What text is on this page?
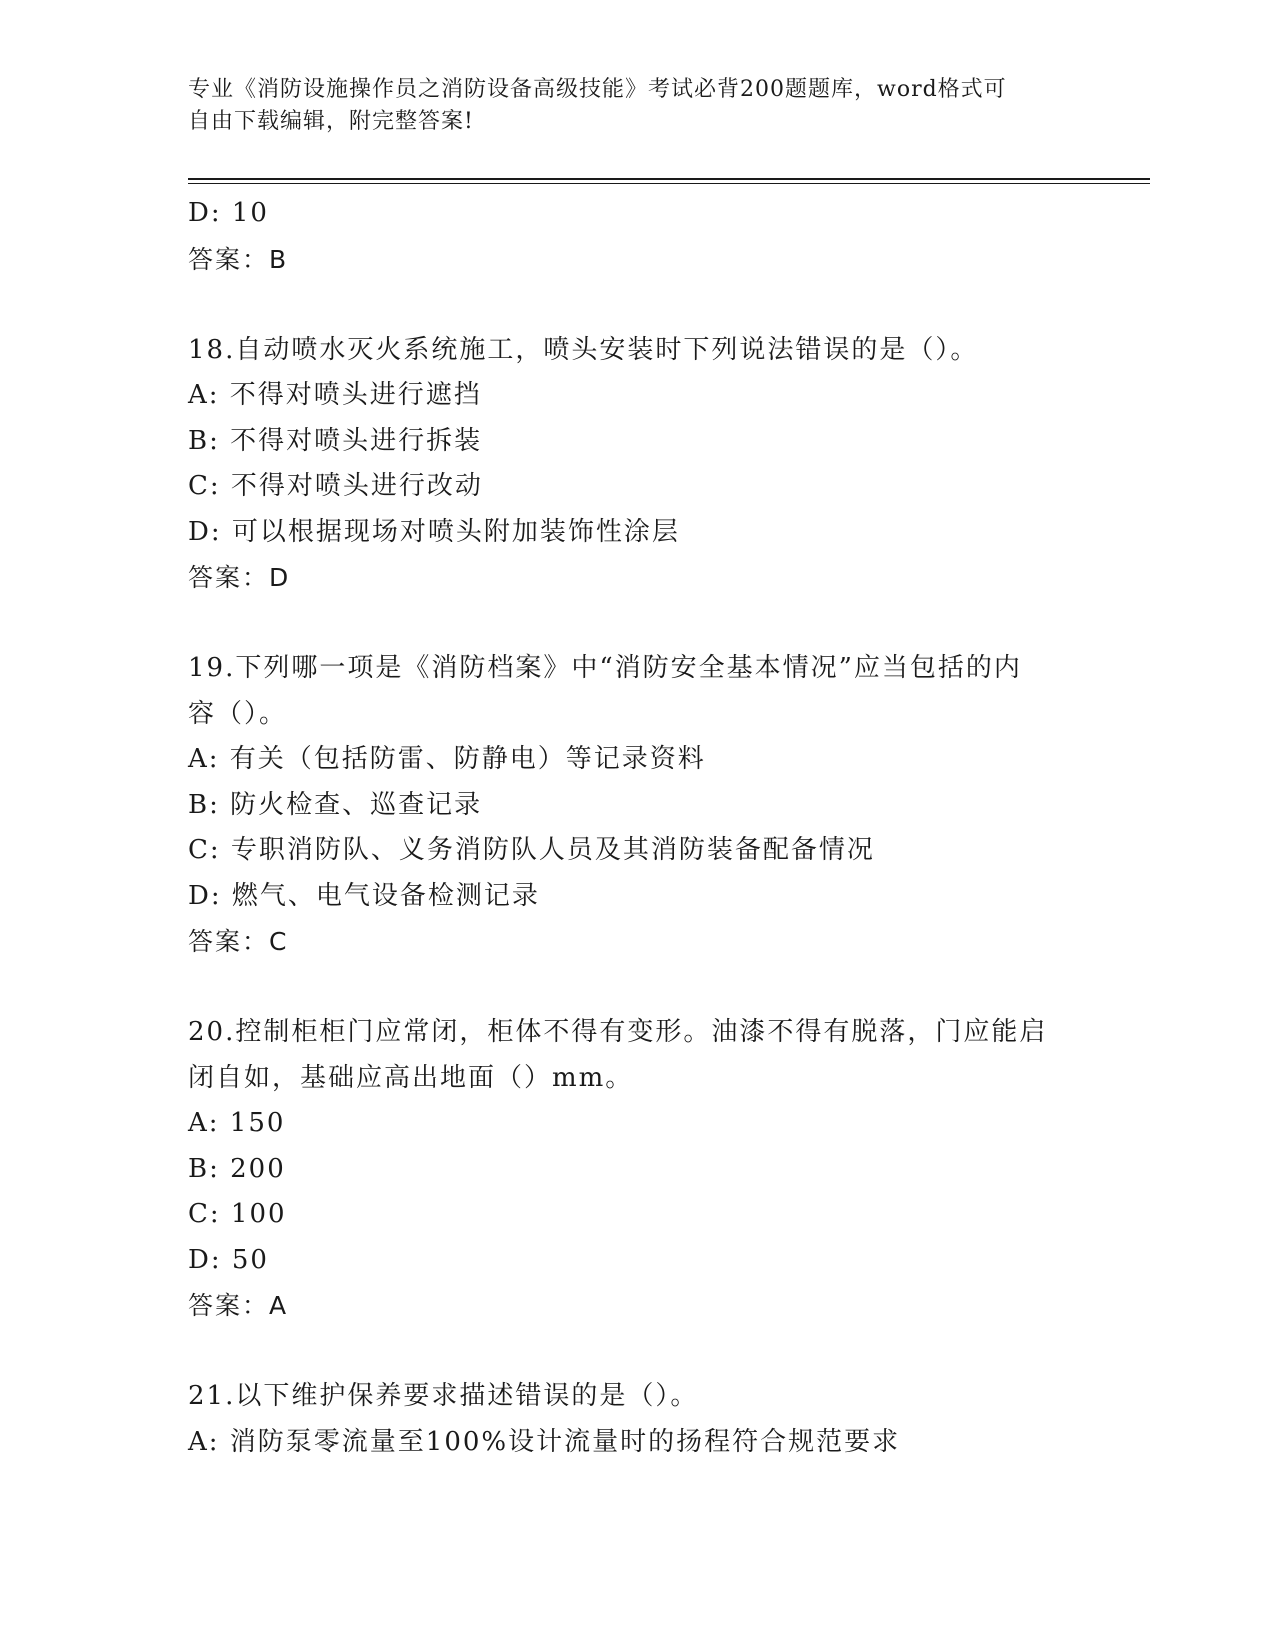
专业《消防设施操作员之消防设备高级技能》考试必背200题题库，word格式可
自由下载编辑，附完整答案!
D: 10
答案：B
18.自动喷水灭火系统施工，喷头安装时下列说法错误的是（）。
A: 不得对喷头进行遮挡
B: 不得对喷头进行拆装
C: 不得对喷头进行改动
D: 可以根据现场对喷头附加装饰性涂层
答案：D
19.下列哪一项是《消防档案》中“消防安全基本情况”应当包括的内
容（）。
A: 有关（包括防雷、防静电）等记录资料
B: 防火检查、巡查记录
C: 专职消防队、义务消防队人员及其消防装备配备情况
D: 燃气、电气设备检测记录
答案：C
20.控制柜柜门应常闭，柜体不得有变形。油漆不得有脱落，门应能启
闭自如，基础应高出地面（）mm。
A: 150
B: 200
C: 100
D: 50
答案：A
21.以下维护保养要求描述错误的是（）。
A: 消防泵零流量至100%设计流量时的扬程符合规范要求
